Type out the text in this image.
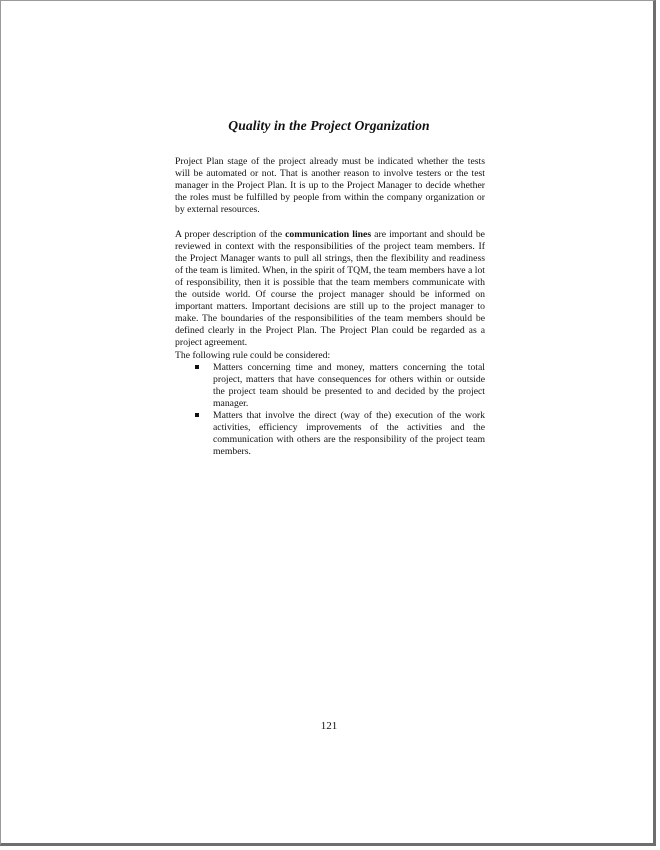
Quality in the Project Organization

Project Plan stage of the project already must be indicated whether the tests will be automated or not. That is another reason to involve testers or the test manager in the Project Plan. It is up to the Project Manager to decide whether the roles must be fulfilled by people from within the company organization or by external resources.

A proper description of the communication lines are important and should be reviewed in context with the responsibilities of the project team members. If the Project Manager wants to pull all strings, then the flexibility and readiness of the team is limited. When, in the spirit of TQM, the team members have a lot of responsibility, then it is possible that the team members communicate with the outside world. Of course the project manager should be informed on important matters. Important decisions are still up to the project manager to make. The boundaries of the responsibilities of the team members should be defined clearly in the Project Plan. The Project Plan could be regarded as a project agreement.

The following rule could be considered:

Matters concerning time and money, matters concerning the total project, matters that have consequences for others within or outside the project team should be presented to and decided by the project manager.
Matters that involve the direct (way of the) execution of the work activities, efficiency improvements of the activities and the communication with others are the responsibility of the project team members.
121
